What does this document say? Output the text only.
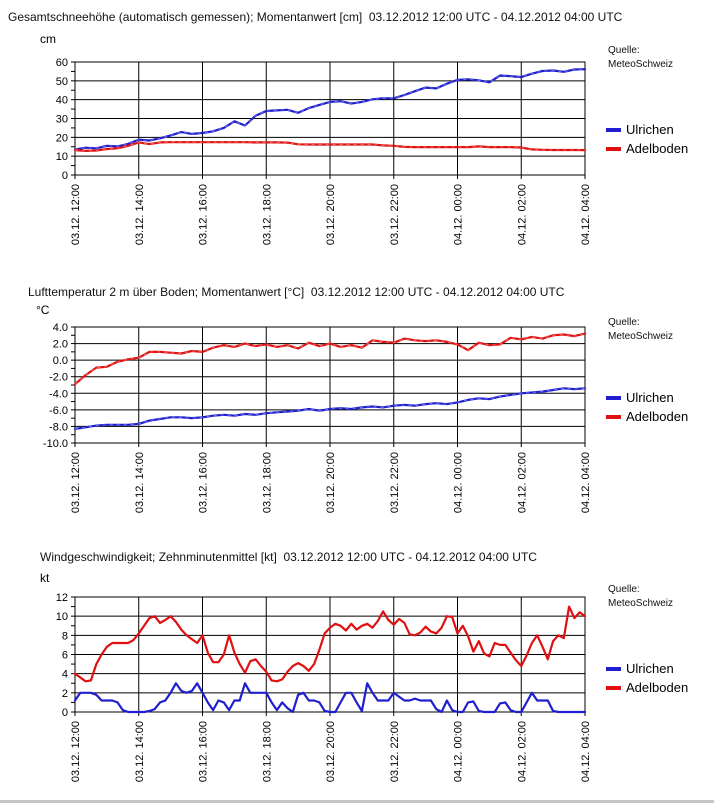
Gesamtschneehöhe (automatisch gemessen); Momentanwert [cm]  03.12.2012 12:00 UTC - 04.12.2012 04:00 UTC
cm
60
50
40
30
20
10
0
03.12. 12:00	03.12. 14:00	03.12. 16:00	03.12. 18:00	03.12. 20:00	03.12. 22:00	04.12. 00:00	04.12. 02:00	04.12. 04:00
Quelle:
MeteoSchweiz
Ulrichen
Adelboden
Lufttemperatur 2 m über Boden; Momentanwert [°C]  03.12.2012 12:00 UTC - 04.12.2012 04:00 UTC
°C
4.0
2.0
0.0
-2.0
-4.0
-6.0
-8.0
-10.0
03.12. 12:00	03.12. 14:00	03.12. 16:00	03.12. 18:00	03.12. 20:00	03.12. 22:00	04.12. 00:00	04.12. 02:00	04.12. 04:00
Quelle:
MeteoSchweiz
Ulrichen
Adelboden
Windgeschwindigkeit; Zehnminutenmittel [kt]  03.12.2012 12:00 UTC - 04.12.2012 04:00 UTC
kt
12
10
8
6
4
2
0
03.12. 12:00	03.12. 14:00	03.12. 16:00	03.12. 18:00	03.12. 20:00	03.12. 22:00	04.12. 00:00	04.12. 02:00	04.12. 04:00
Quelle:
MeteoSchweiz
Ulrichen
Adelboden
